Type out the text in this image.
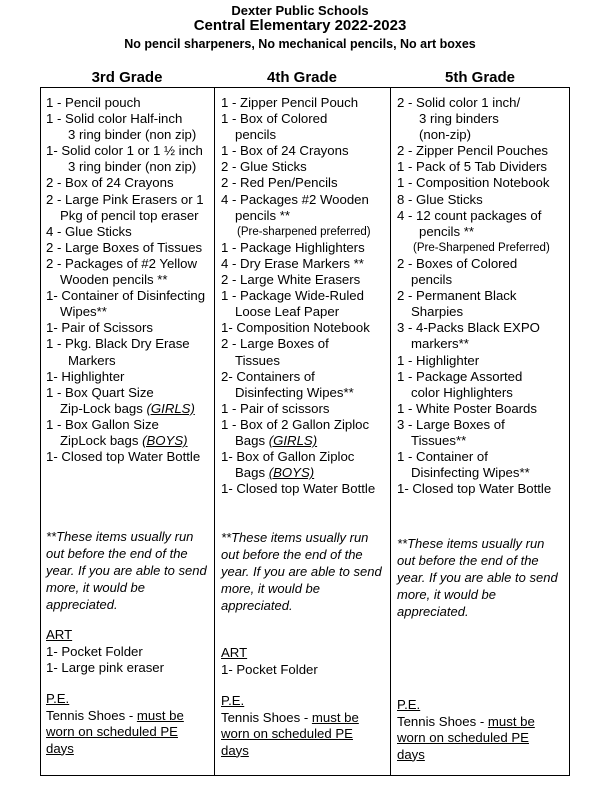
Dexter Public Schools
Central Elementary 2022-2023
No pencil sharpeners, No mechanical pencils, No art boxes
3rd Grade	4th Grade	5th Grade
1 - Pencil pouch
1 - Solid color Half-inch
3 ring binder (non zip)
1- Solid color 1 or 1 ½ inch
3 ring binder (non zip)
2 - Box of 24 Crayons
2 - Large Pink Erasers or 1
Pkg of pencil top eraser
4 - Glue Sticks
2 - Large Boxes of Tissues
2 - Packages of #2 Yellow
Wooden pencils **
1- Container of Disinfecting
Wipes**
1- Pair of Scissors
1 - Pkg. Black Dry Erase
Markers
1- Highlighter
1 - Box Quart Size
Zip-Lock bags (GIRLS)
1 - Box Gallon Size
ZipLock bags (BOYS)
1- Closed top Water Bottle
**These items usually run out before the end of the year. If you are able to send more, it would be appreciated.
ART
1- Pocket Folder
1- Large pink eraser
P.E.
Tennis Shoes - must be
worn on scheduled PE
days
1 - Zipper Pencil Pouch
1 - Box of Colored
pencils
1 - Box of 24 Crayons
2 - Glue Sticks
2 - Red Pen/Pencils
4 - Packages #2 Wooden
pencils **
(Pre-sharpened preferred)
1 - Package Highlighters
4 - Dry Erase Markers **
2 - Large White Erasers
1 - Package Wide-Ruled
Loose Leaf Paper
1- Composition Notebook
2 - Large Boxes of
Tissues
2- Containers of
Disinfecting Wipes**
1 - Pair of scissors
1 - Box of 2 Gallon Ziploc
Bags (GIRLS)
1- Box of Gallon Ziploc
Bags (BOYS)
1- Closed top Water Bottle
**These items usually run out before the end of the year. If you are able to send more, it would be appreciated.
ART
1- Pocket Folder
P.E.
Tennis Shoes - must be
worn on scheduled PE
days
2 - Solid color 1 inch/
3 ring binders
(non-zip)
2 - Zipper Pencil Pouches
1 - Pack of 5 Tab Dividers
1 - Composition Notebook
8 - Glue Sticks
4 - 12 count packages of
pencils **
(Pre-Sharpened Preferred)
2 - Boxes of Colored
pencils
2 - Permanent Black
Sharpies
3 - 4-Packs Black EXPO
markers**
1 - Highlighter
1 - Package Assorted
color Highlighters
1 - White Poster Boards
3 - Large Boxes of
Tissues**
1 - Container of
Disinfecting Wipes**
1- Closed top Water Bottle
**These items usually run out before the end of the year. If you are able to send more, it would be appreciated.
P.E.
Tennis Shoes - must be
worn on scheduled PE
days
